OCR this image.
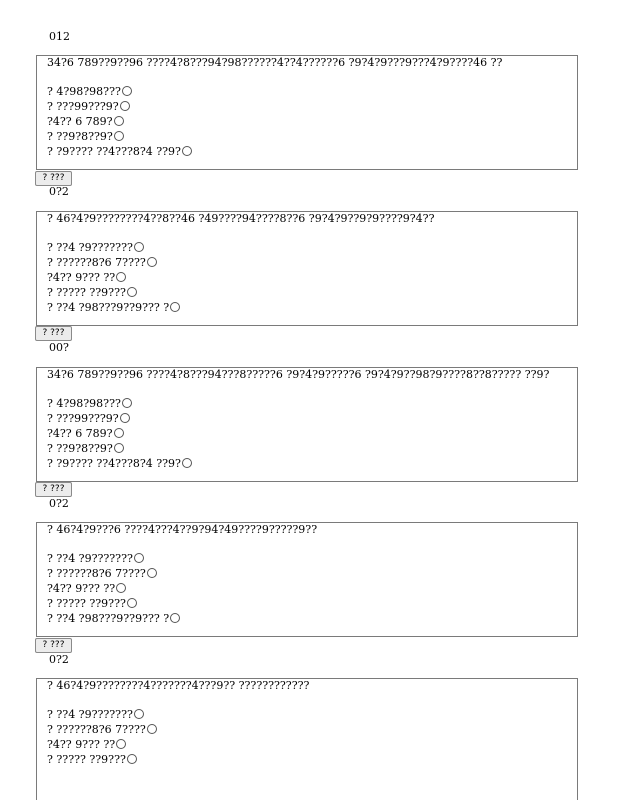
012
34?6 789??9??96 ????4?8???94?98??????4??4??????6 ?9?4?9???9???4?9????46 ??
? 4?98?98???
? ???99???9?
?4?? 6 789?
? ??9?8??9?
? ?9???? ??4???8?4 ??9?
? ???
0?2
? 46?4?9????????4??8??46 ?49????94????8??6 ?9?4?9??9?9????9?4??
? ??4 ?9???????
? ??????8?6 7????
?4?? 9??? ??
? ????? ??9???
? ??4 ?98???9??9??? ?
? ???
00?
34?6 789??9??96 ????4?8???94???8?????6 ?9?4?9?????6 ?9?4?9??98?9????8??8????? ??9?
? 4?98?98???
? ???99???9?
?4?? 6 789?
? ??9?8??9?
? ?9???? ??4???8?4 ??9?
? ???
0?2
? 46?4?9???6 ????4???4??9?94?49????9?????9??
? ??4 ?9???????
? ??????8?6 7????
?4?? 9??? ??
? ????? ??9???
? ??4 ?98???9??9??? ?
? ???
0?2
? 46?4?9????????4???????4???9?? ????????????
? ??4 ?9???????
? ??????8?6 7????
?4?? 9??? ??
? ????? ??9???
